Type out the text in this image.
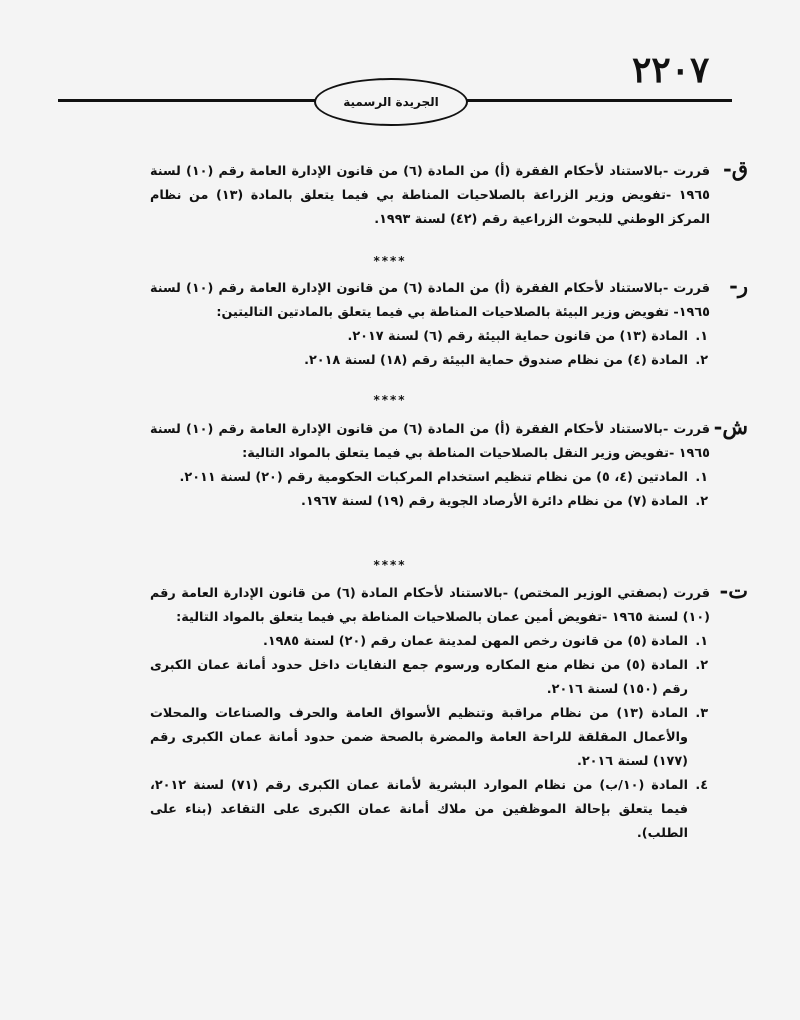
٢٢٠٧
الجريدة الرسمية
ق-

قررت -بالاستناد لأحكام الفقرة (أ) من المادة (٦) من قانون الإدارة العامة رقم (١٠) لسنة ١٩٦٥ -تفويض وزير الزراعة بالصلاحيات المناطة بي فيما يتعلق بالمادة (١٣) من نظام المركز الوطني للبحوث الزراعية رقم (٤٢) لسنة ١٩٩٣.

****
ر-

قررت -بالاستناد لأحكام الفقرة (أ) من المادة (٦) من قانون الإدارة العامة رقم (١٠) لسنة ١٩٦٥- تفويض وزير البيئة بالصلاحيات المناطة بي فيما يتعلق بالمادتين التاليتين:

١.
المادة (١٣) من قانون حماية البيئة رقم (٦) لسنة ٢٠١٧.
٢.
المادة (٤) من نظام صندوق حماية البيئة رقم (١٨) لسنة ٢٠١٨.
****
ش-

قررت -بالاستناد لأحكام الفقرة (أ) من المادة (٦) من قانون الإدارة العامة رقم (١٠) لسنة ١٩٦٥ -تفويض وزير النقل بالصلاحيات المناطة بي فيما يتعلق بالمواد التالية:

١.
المادتين (٤، ٥) من نظام تنظيم استخدام المركبات الحكومية رقم (٢٠) لسنة ٢٠١١.
٢.
المادة (٧) من نظام دائرة الأرصاد الجوية رقم (١٩) لسنة ١٩٦٧.
****
ت-

قررت (بصفتي الوزير المختص) -بالاستناد لأحكام المادة (٦) من قانون الإدارة العامة رقم (١٠) لسنة ١٩٦٥ -تفويض أمين عمان بالصلاحيات المناطة بي فيما يتعلق بالمواد التالية:

١.
المادة (٥) من قانون رخص المهن لمدينة عمان رقم (٢٠) لسنة ١٩٨٥.
٢.
المادة (٥) من نظام منع المكاره ورسوم جمع النفايات داخل حدود أمانة عمان الكبرى رقم (١٥٠) لسنة ٢٠١٦.
٣.
المادة (١٣) من نظام مراقبة وتنظيم الأسواق العامة والحرف والصناعات والمحلات والأعمال المقلقة للراحة العامة والمضرة بالصحة ضمن حدود أمانة عمان الكبرى رقم (١٧٧) لسنة ٢٠١٦.
٤.
المادة (١٠/ب) من نظام الموارد البشرية لأمانة عمان الكبرى رقم (٧١) لسنة ٢٠١٢، فيما يتعلق بإحالة الموظفين من ملاك أمانة عمان الكبرى على التقاعد (بناء على الطلب).
